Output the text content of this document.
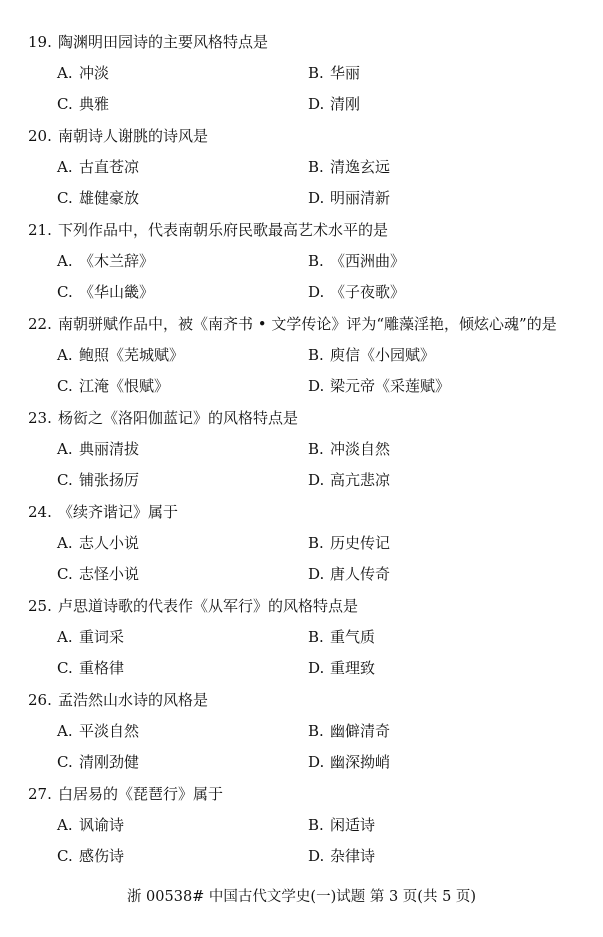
19. 陶渊明田园诗的主要风格特点是
A. 冲淡	B. 华丽
C. 典雅	D. 清刚
20. 南朝诗人谢朓的诗风是
A. 古直苍凉	B. 清逸玄远
C. 雄健豪放	D. 明丽清新
21. 下列作品中，代表南朝乐府民歌最高艺术水平的是
A. 《木兰辞》	B. 《西洲曲》
C. 《华山畿》	D. 《子夜歌》
22. 南朝骈赋作品中，被《南齐书 • 文学传论》评为“雕藻淫艳，倾炫心魂”的是
A. 鲍照《芜城赋》	B. 庾信《小园赋》
C. 江淹《恨赋》	D. 梁元帝《采莲赋》
23. 杨衒之《洛阳伽蓝记》的风格特点是
A. 典丽清拔	B. 冲淡自然
C. 铺张扬厉	D. 高亢悲凉
24. 《续齐谐记》属于
A. 志人小说	B. 历史传记
C. 志怪小说	D. 唐人传奇
25. 卢思道诗歌的代表作《从军行》的风格特点是
A. 重词采	B. 重气质
C. 重格律	D. 重理致
26. 孟浩然山水诗的风格是
A. 平淡自然	B. 幽僻清奇
C. 清刚劲健	D. 幽深拗峭
27. 白居易的《琵琶行》属于
A. 讽谕诗	B. 闲适诗
C. 感伤诗	D. 杂律诗
浙 00538# 中国古代文学史(一)试题 第 3 页(共 5 页)
